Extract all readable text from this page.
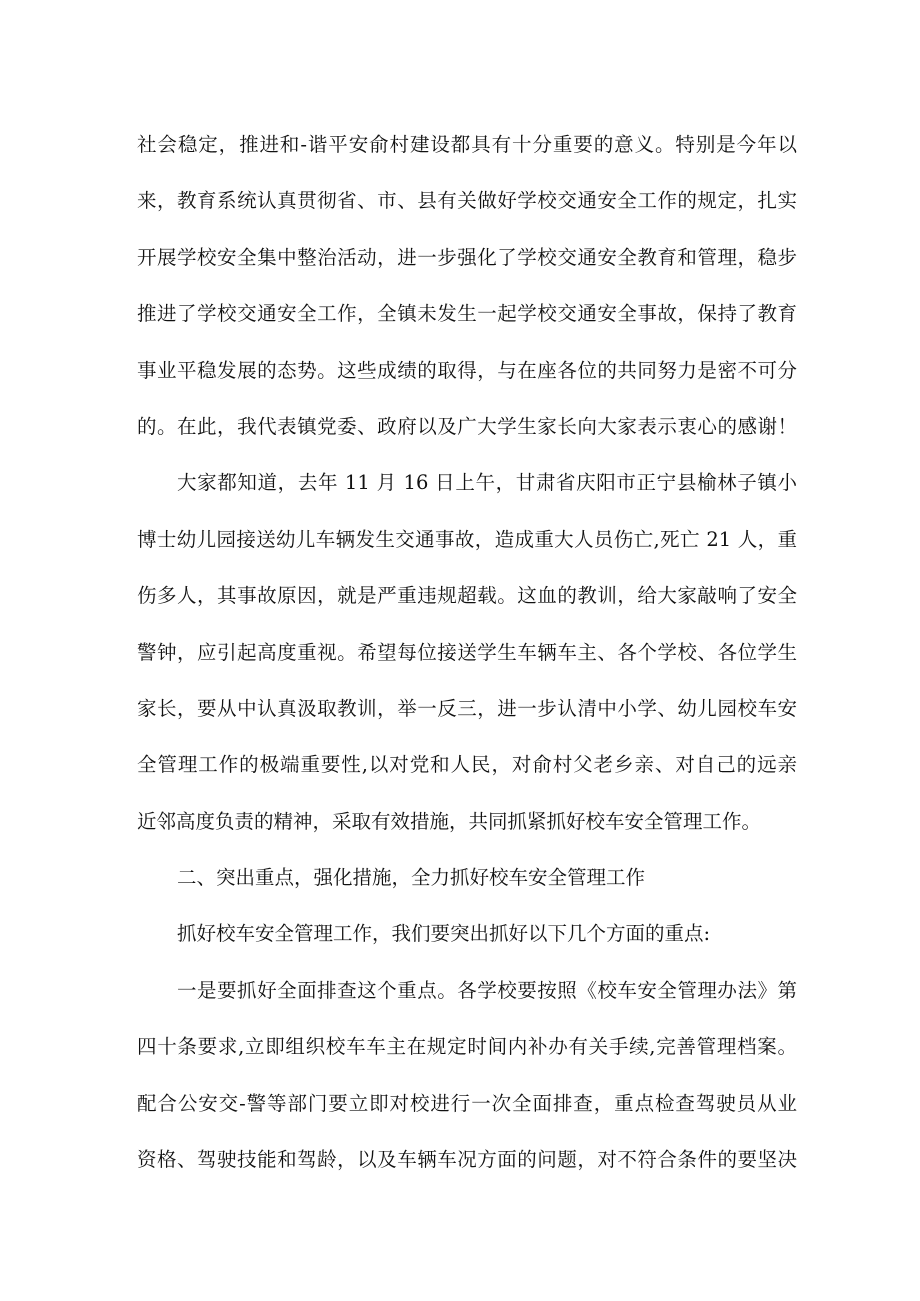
社会稳定，推进和-谐平安俞村建设都具有十分重要的意义。特别是今年以
来，教育系统认真贯彻省、市、县有关做好学校交通安全工作的规定，扎实
开展学校安全集中整治活动，进一步强化了学校交通安全教育和管理，稳步
推进了学校交通安全工作，全镇未发生一起学校交通安全事故，保持了教育
事业平稳发展的态势。这些成绩的取得，与在座各位的共同努力是密不可分
的。在此，我代表镇党委、政府以及广大学生家长向大家表示衷心的感谢！
大家都知道，去年 11 月 16 日上午，甘肃省庆阳市正宁县榆林子镇小
博士幼儿园接送幼儿车辆发生交通事故，造成重大人员伤亡,死亡 21 人，重
伤多人，其事故原因，就是严重违规超载。这血的教训，给大家敲响了安全
警钟，应引起高度重视。希望每位接送学生车辆车主、各个学校、各位学生
家长，要从中认真汲取教训，举一反三，进一步认清中小学、幼儿园校车安
全管理工作的极端重要性,以对党和人民，对俞村父老乡亲、对自己的远亲
近邻高度负责的精神，采取有效措施，共同抓紧抓好校车安全管理工作。
二、突出重点，强化措施，全力抓好校车安全管理工作
抓好校车安全管理工作，我们要突出抓好以下几个方面的重点:
一是要抓好全面排查这个重点。各学校要按照《校车安全管理办法》第
四十条要求,立即组织校车车主在规定时间内补办有关手续,完善管理档案。
配合公安交-警等部门要立即对校进行一次全面排查，重点检查驾驶员从业
资格、驾驶技能和驾龄，以及车辆车况方面的问题，对不符合条件的要坚决
